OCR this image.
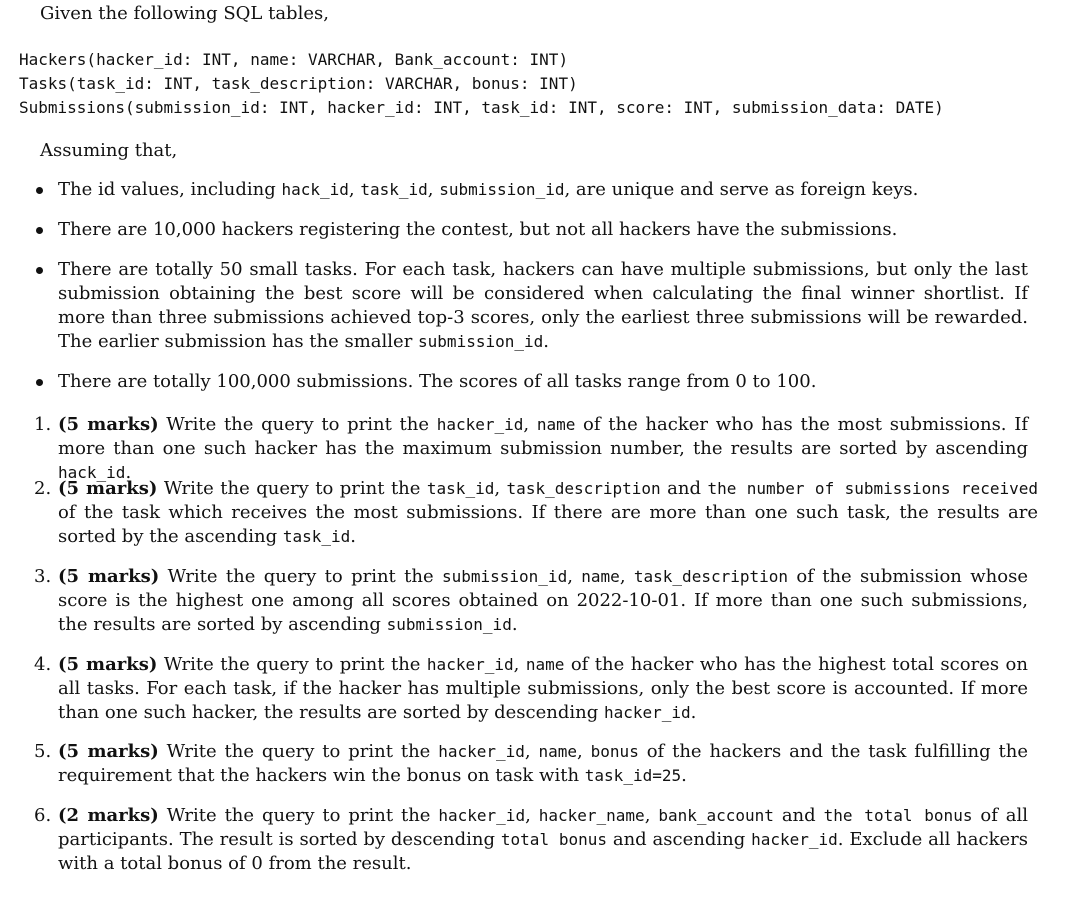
Given the following SQL tables,
Hackers(hacker_id: INT, name: VARCHAR, Bank_account: INT)
Tasks(task_id: INT, task_description: VARCHAR, bonus: INT)
Submissions(submission_id: INT, hacker_id: INT, task_id: INT, score: INT, submission_data: DATE)
Assuming that,
The id values, including hack_id, task_id, submission_id, are unique and serve as foreign keys.
There are 10,000 hackers registering the contest, but not all hackers have the submissions.
There are totally 50 small tasks. For each task, hackers can have multiple submissions, but only the last submission obtaining the best score will be considered when calculating the final winner shortlist. If more than three submissions achieved top-3 scores, only the earliest three submissions will be rewarded. The earlier submission has the smaller submission_id.
There are totally 100,000 submissions. The scores of all tasks range from 0 to 100.
1. (5 marks) Write the query to print the hacker_id, name of the hacker who has the most submissions. If more than one such hacker has the maximum submission number, the results are sorted by ascending hack_id.
2. (5 marks) Write the query to print the task_id, task_description and the number of submissions received of the task which receives the most submissions. If there are more than one such task, the results are sorted by the ascending task_id.
3. (5 marks) Write the query to print the submission_id, name, task_description of the submission whose score is the highest one among all scores obtained on 2022-10-01. If more than one such submissions, the results are sorted by ascending submission_id.
4. (5 marks) Write the query to print the hacker_id, name of the hacker who has the highest total scores on all tasks. For each task, if the hacker has multiple submissions, only the best score is accounted. If more than one such hacker, the results are sorted by descending hacker_id.
5. (5 marks) Write the query to print the hacker_id, name, bonus of the hackers and the task fulfilling the requirement that the hackers win the bonus on task with task_id=25.
6. (2 marks) Write the query to print the hacker_id, hacker_name, bank_account and the total bonus of all participants. The result is sorted by descending total bonus and ascending hacker_id. Exclude all hackers with a total bonus of 0 from the result.
